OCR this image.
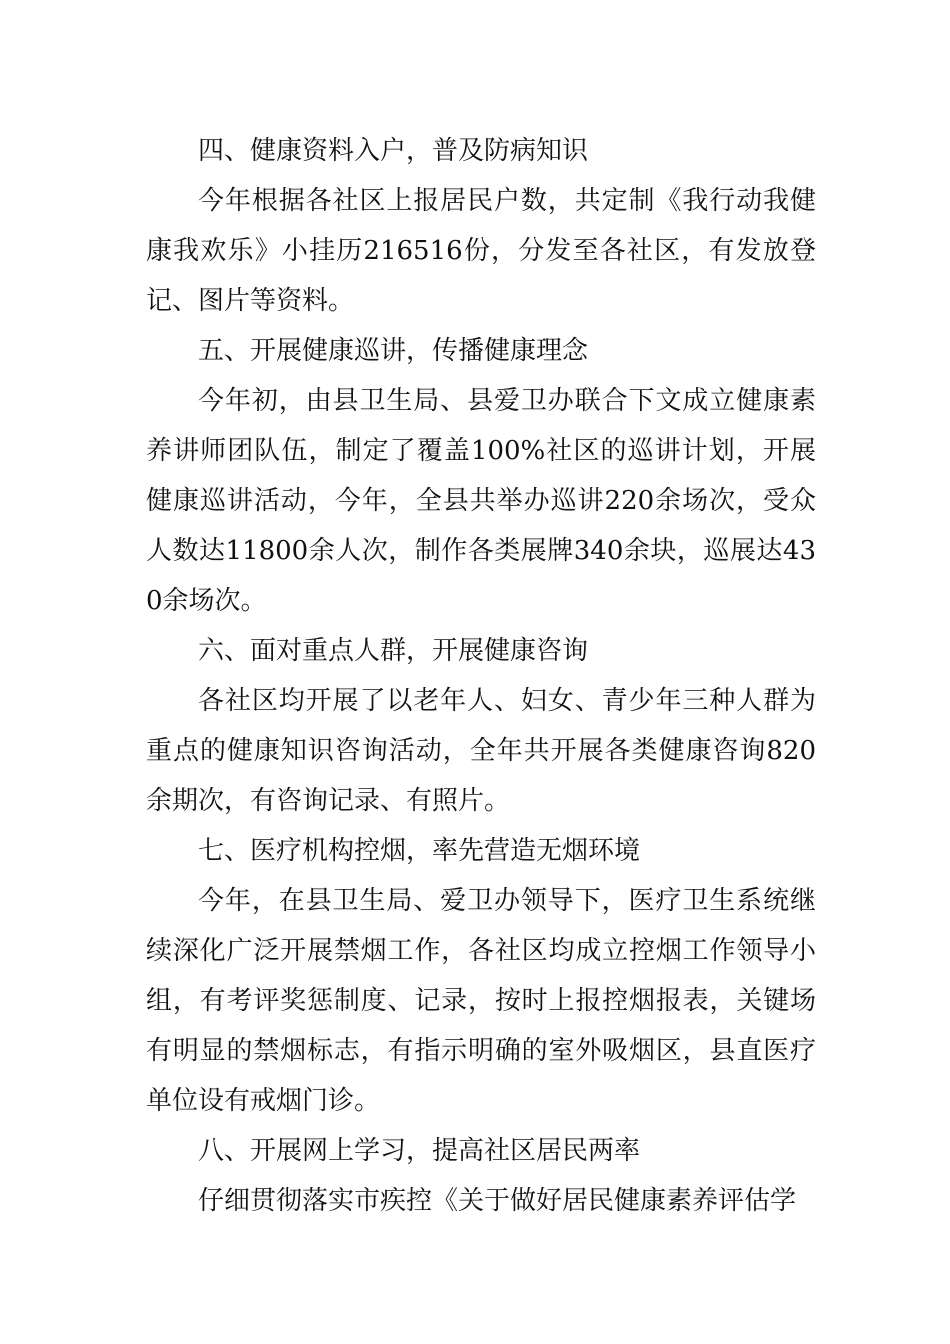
四、健康资料入户，普及防病知识

今年根据各社区上报居民户数，共定制《我行动我健康我欢乐》小挂历216516份，分发至各社区，有发放登记、图片等资料。

五、开展健康巡讲，传播健康理念

今年初，由县卫生局、县爱卫办联合下文成立健康素养讲师团队伍，制定了覆盖100%社区的巡讲计划，开展健康巡讲活动，今年，全县共举办巡讲220余场次，受众人数达11800余人次，制作各类展牌340余块，巡展达430余场次。

六、面对重点人群，开展健康咨询

各社区均开展了以老年人、妇女、青少年三种人群为重点的健康知识咨询活动，全年共开展各类健康咨询820余期次，有咨询记录、有照片。

七、医疗机构控烟，率先营造无烟环境

今年，在县卫生局、爱卫办领导下，医疗卫生系统继续深化广泛开展禁烟工作，各社区均成立控烟工作领导小组，有考评奖惩制度、记录，按时上报控烟报表，关键场有明显的禁烟标志，有指示明确的室外吸烟区，县直医疗单位设有戒烟门诊。

八、开展网上学习，提高社区居民两率

仔细贯彻落实市疾控《关于做好居民健康素养评估学
